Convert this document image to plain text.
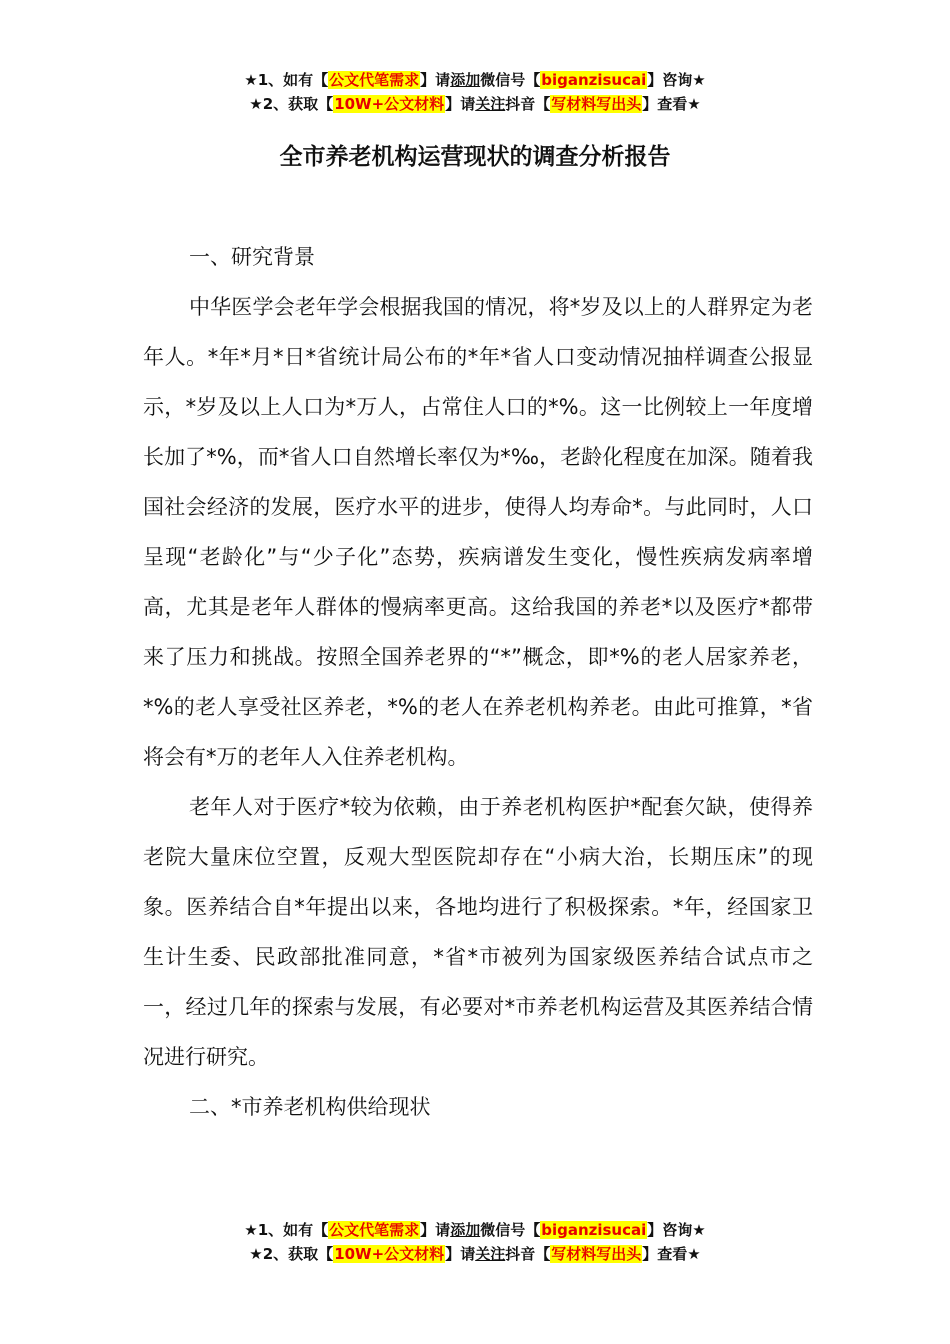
★1、如有【公文代笔需求】请添加微信号【biganzisucai】咨询★
★2、获取【10W+公文材料】请关注抖音【写材料写出头】查看★
全市养老机构运营现状的调查分析报告

一、研究背景

中华医学会老年学会根据我国的情况，将*岁及以上的人群界定为老年人。*年*月*日*省统计局公布的*年*省人口变动情况抽样调查公报显示，*岁及以上人口为*万人，占常住人口的*%。这一比例较上一年度增长加了*%，而*省人口自然增长率仅为*‰，老龄化程度在加深。随着我国社会经济的发展，医疗水平的进步，使得人均寿命*。与此同时，人口呈现“老龄化”与“少子化”态势，疾病谱发生变化，慢性疾病发病率增高，尤其是老年人群体的慢病率更高。这给我国的养老*以及医疗*都带来了压力和挑战。按照全国养老界的“*”概念，即*%的老人居家养老，*%的老人享受社区养老，*%的老人在养老机构养老。由此可推算，*省将会有*万的老年人入住养老机构。

老年人对于医疗*较为依赖，由于养老机构医护*配套欠缺，使得养老院大量床位空置，反观大型医院却存在“小病大治，长期压床”的现象。医养结合自*年提出以来，各地均进行了积极探索。*年，经国家卫生计生委、民政部批准同意，*省*市被列为国家级医养结合试点市之一，经过几年的探索与发展，有必要对*市养老机构运营及其医养结合情况进行研究。

二、*市养老机构供给现状

★1、如有【公文代笔需求】请添加微信号【biganzisucai】咨询★
★2、获取【10W+公文材料】请关注抖音【写材料写出头】查看★
